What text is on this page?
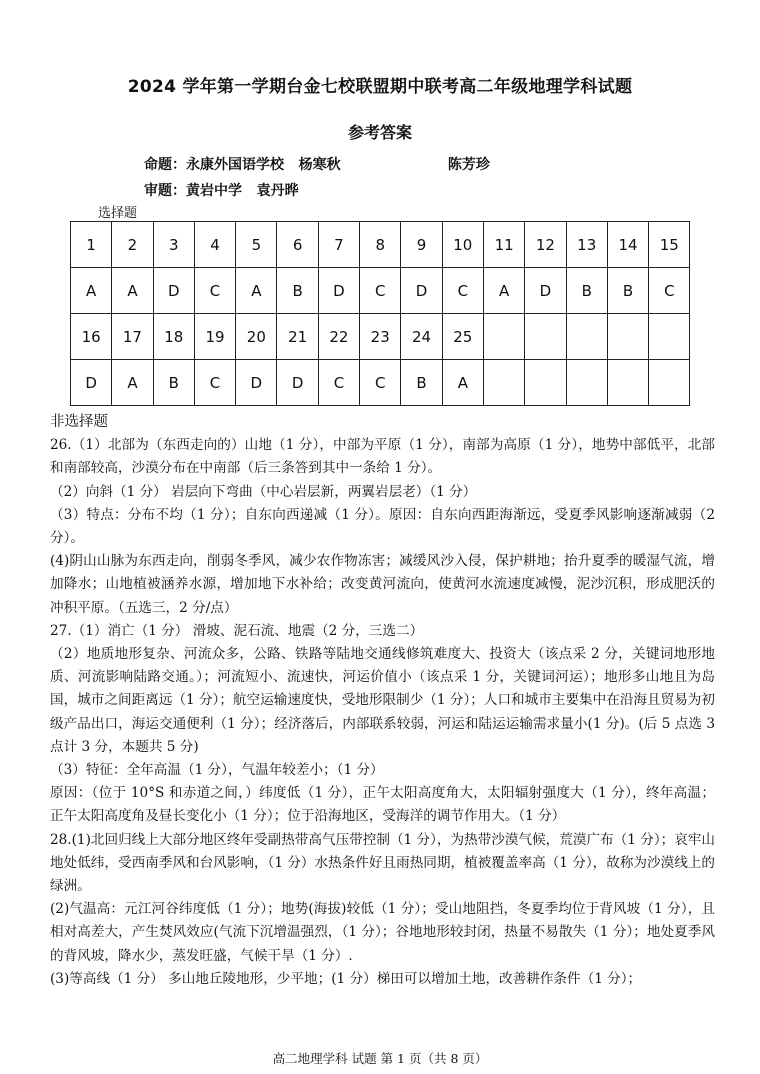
2024 学年第一学期台金七校联盟期中联考高二年级地理学科试题
参考答案
命题：永康外国语学校   杨寒秋                      陈芳珍
审题：黄岩中学   袁丹晔
选择题
1	2	3	4	5	6	7	8	9	10	11	12	13	14	15
A	A	D	C	A	B	D	C	D	C	A	D	B	B	C
16	17	18	19	20	21	22	23	24	25					
D	A	B	C	D	D	C	C	B	A					

非选择题

26.（1）北部为（东西走向的）山地（1 分），中部为平原（1 分），南部为高原（1 分），地势中部低平，北部和南部较高，沙漠分布在中南部（后三条答到其中一条给 1 分）。

（2）向斜（1 分） 岩层向下弯曲（中心岩层新，两翼岩层老）（1 分）

（3）特点：分布不均（1 分）；自东向西递减（1 分）。原因：自东向西距海渐远，受夏季风影响逐渐减弱（2 分）。

(4)阴山山脉为东西走向，削弱冬季风，减少农作物冻害；减缓风沙入侵，保护耕地；抬升夏季的暖湿气流，增加降水；山地植被涵养水源，增加地下水补给；改变黄河流向，使黄河水流速度减慢，泥沙沉积，形成肥沃的冲积平原。（五选三，2 分/点）

27.（1）消亡（1 分） 滑坡、泥石流、地震（2 分，三选二）

（2）地质地形复杂、河流众多，公路、铁路等陆地交通线修筑难度大、投资大（该点采 2 分，关键词地形地质、河流影响陆路交通。）；河流短小、流速快，河运价值小（该点采 1 分，关键词河运）；地形多山地且为岛国，城市之间距离远（1 分）；航空运输速度快，受地形限制少（1 分）；人口和城市主要集中在沿海且贸易为初级产品出口，海运交通便利（1 分）；经济落后，内部联系较弱，河运和陆运运输需求量小(1 分)。(后 5 点选 3 点计 3 分，本题共 5 分)

（3）特征：全年高温（1 分），气温年较差小；（1 分）

原因：（位于 10°S 和赤道之间，）纬度低（1 分），正午太阳高度角大，太阳辐射强度大（1 分），终年高温；正午太阳高度角及昼长变化小（1 分）；位于沿海地区，受海洋的调节作用大。（1 分）

28.(1)北回归线上大部分地区终年受副热带高气压带控制（1 分），为热带沙漠气候，荒漠广布（1 分）；哀牢山地处低纬，受西南季风和台风影响，（1 分）水热条件好且雨热同期，植被覆盖率高（1 分），故称为沙漠线上的绿洲。

(2)气温高：元江河谷纬度低（1 分）；地势(海拔)较低（1 分）；受山地阻挡，冬夏季均位于背风坡（1 分），且相对高差大，产生焚风效应(气流下沉增温强烈，（1 分）；谷地地形较封闭，热量不易散失（1 分）；地处夏季风的背风坡，降水少，蒸发旺盛，气候干旱（1 分）.

(3)等高线（1 分） 多山地丘陵地形，少平地；(1 分）梯田可以增加土地，改善耕作条件（1 分）；

高二地理学科 试题 第 1 页（共 8 页）
